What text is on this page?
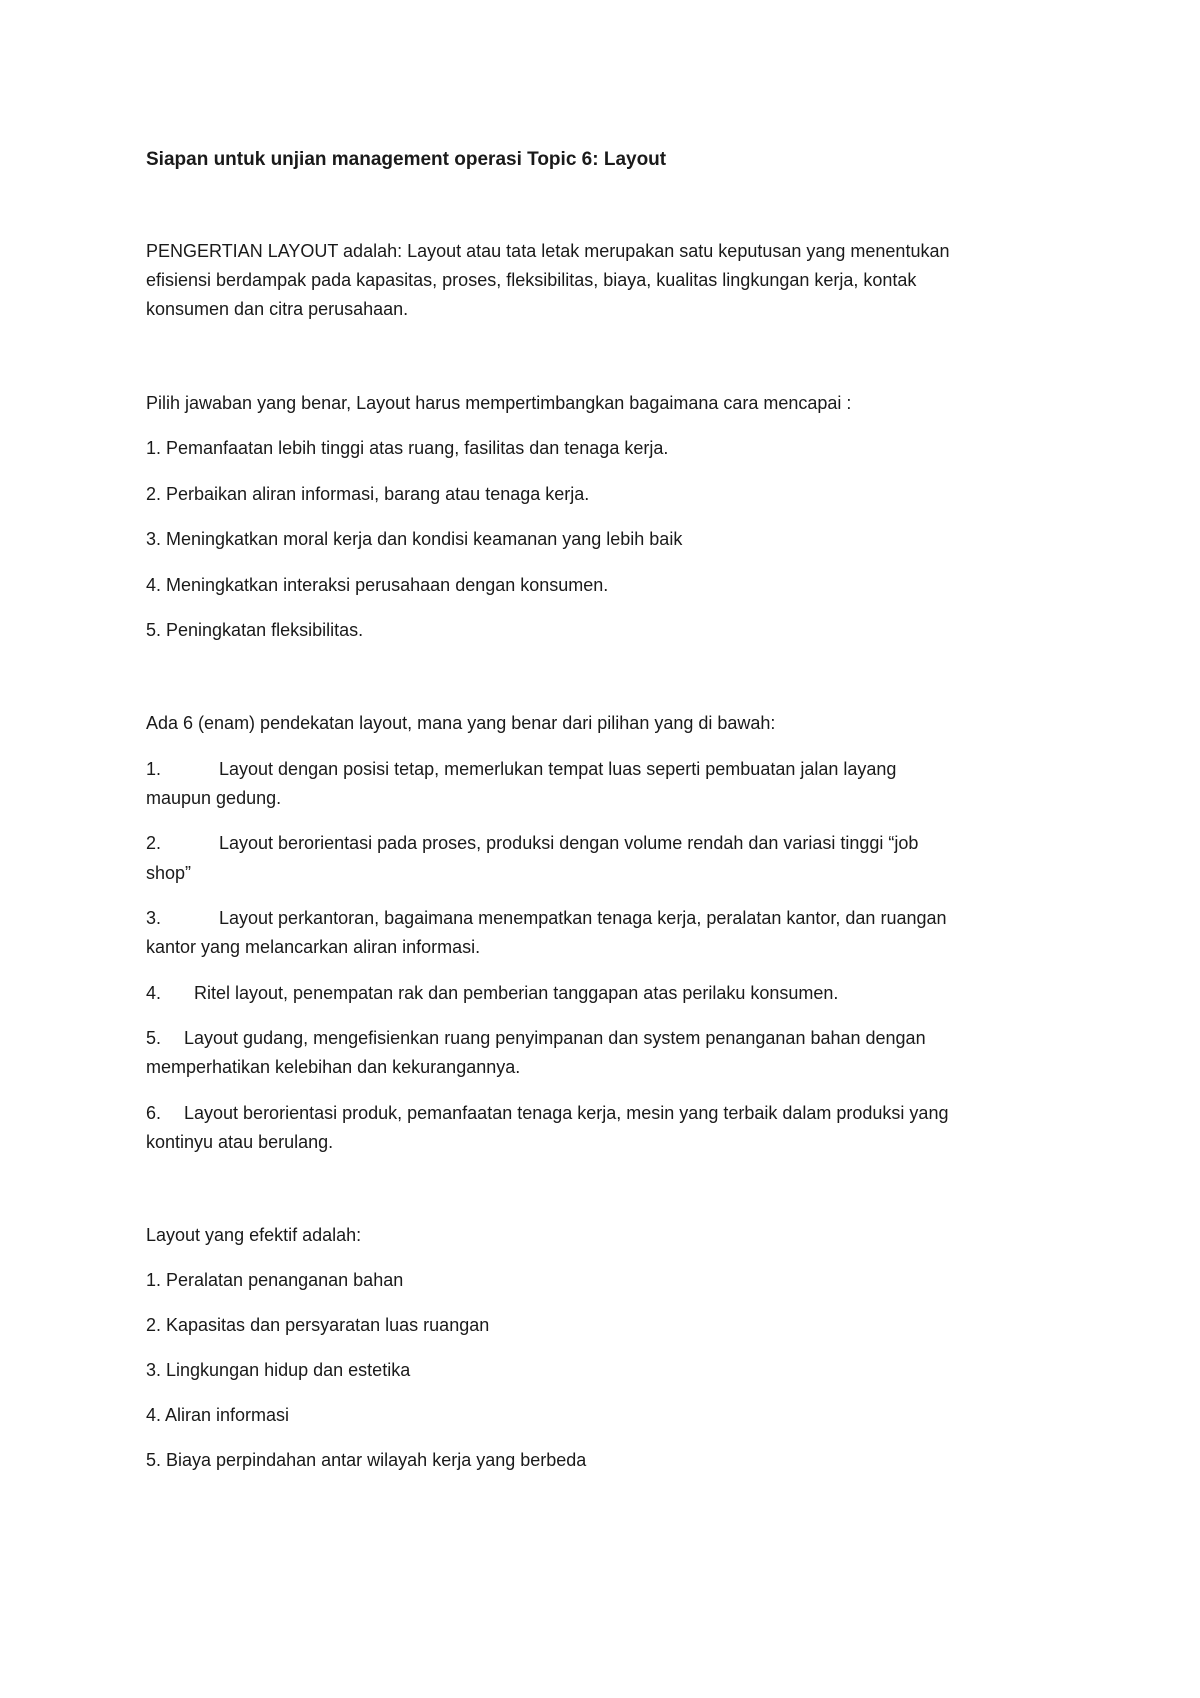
Siapan untuk unjian management operasi Topic 6: Layout

PENGERTIAN LAYOUT adalah: Layout atau tata letak merupakan satu keputusan yang menentukan

efisiensi berdampak pada kapasitas, proses, fleksibilitas, biaya, kualitas lingkungan kerja, kontak

konsumen dan citra perusahaan.

Pilih jawaban yang benar, Layout harus mempertimbangkan bagaimana cara mencapai :

1. Pemanfaatan lebih tinggi atas ruang, fasilitas dan tenaga kerja.

2. Perbaikan aliran informasi, barang atau tenaga kerja.

3. Meningkatkan moral kerja dan kondisi keamanan yang lebih baik

4. Meningkatkan interaksi perusahaan dengan konsumen.

5. Peningkatan fleksibilitas.

Ada 6 (enam) pendekatan layout, mana yang benar dari pilihan yang di bawah:

1.	Layout dengan posisi tetap, memerlukan tempat luas seperti pembuatan jalan layang

maupun gedung.

2.	Layout berorientasi pada proses, produksi dengan volume rendah dan variasi tinggi “job

shop”

3.	Layout perkantoran, bagaimana menempatkan tenaga kerja, peralatan kantor, dan ruangan

kantor yang melancarkan aliran informasi.

4. Ritel layout, penempatan rak dan pemberian tanggapan atas perilaku konsumen.

5. Layout gudang, mengefisienkan ruang penyimpanan dan system penanganan bahan dengan

memperhatikan kelebihan dan kekurangannya.

6. Layout berorientasi produk, pemanfaatan tenaga kerja, mesin yang terbaik dalam produksi yang

kontinyu atau berulang.

Layout yang efektif adalah:

1. Peralatan penanganan bahan

2. Kapasitas dan persyaratan luas ruangan

3. Lingkungan hidup dan estetika

4. Aliran informasi

5. Biaya perpindahan antar wilayah kerja yang berbeda
